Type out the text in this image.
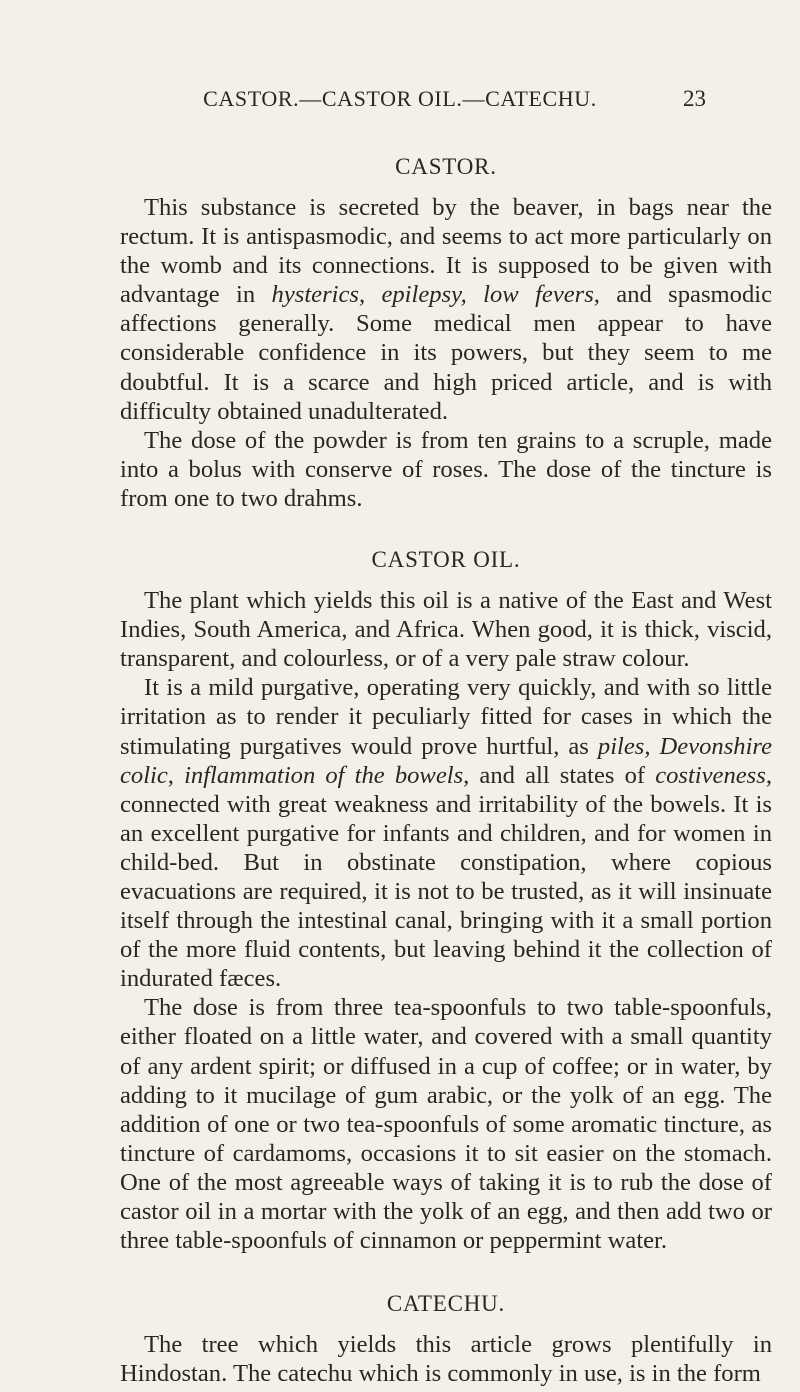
CASTOR.—CASTOR OIL.—CATECHU.	23
CASTOR.

This substance is secreted by the beaver, in bags near the rectum. It is antispasmodic, and seems to act more particularly on the womb and its connections. It is supposed to be given with advantage in hysterics, epilepsy, low fevers, and spasmodic affections generally. Some medical men appear to have considerable confidence in its powers, but they seem to me doubtful. It is a scarce and high priced article, and is with difficulty obtained unadulterated.

The dose of the powder is from ten grains to a scruple, made into a bolus with conserve of roses. The dose of the tincture is from one to two drahms.

CASTOR OIL.

The plant which yields this oil is a native of the East and West Indies, South America, and Africa. When good, it is thick, viscid, transparent, and colourless, or of a very pale straw colour.

It is a mild purgative, operating very quickly, and with so little irritation as to render it peculiarly fitted for cases in which the stimulating purgatives would prove hurtful, as piles, Devonshire colic, inflammation of the bowels, and all states of costiveness, connected with great weakness and irritability of the bowels. It is an excellent purgative for infants and children, and for women in child-bed. But in obstinate constipation, where copious evacuations are required, it is not to be trusted, as it will insinuate itself through the intestinal canal, bringing with it a small portion of the more fluid contents, but leaving behind it the collection of indurated fæces.

The dose is from three tea-spoonfuls to two table-spoonfuls, either floated on a little water, and covered with a small quantity of any ardent spirit; or diffused in a cup of coffee; or in water, by adding to it mucilage of gum arabic, or the yolk of an egg. The addition of one or two tea-spoonfuls of some aromatic tincture, as tincture of cardamoms, occasions it to sit easier on the stomach. One of the most agreeable ways of taking it is to rub the dose of castor oil in a mortar with the yolk of an egg, and then add two or three table-spoonfuls of cinnamon or peppermint water.

CATECHU.

The tree which yields this article grows plentifully in Hindostan. The catechu which is commonly in use, is in the form
